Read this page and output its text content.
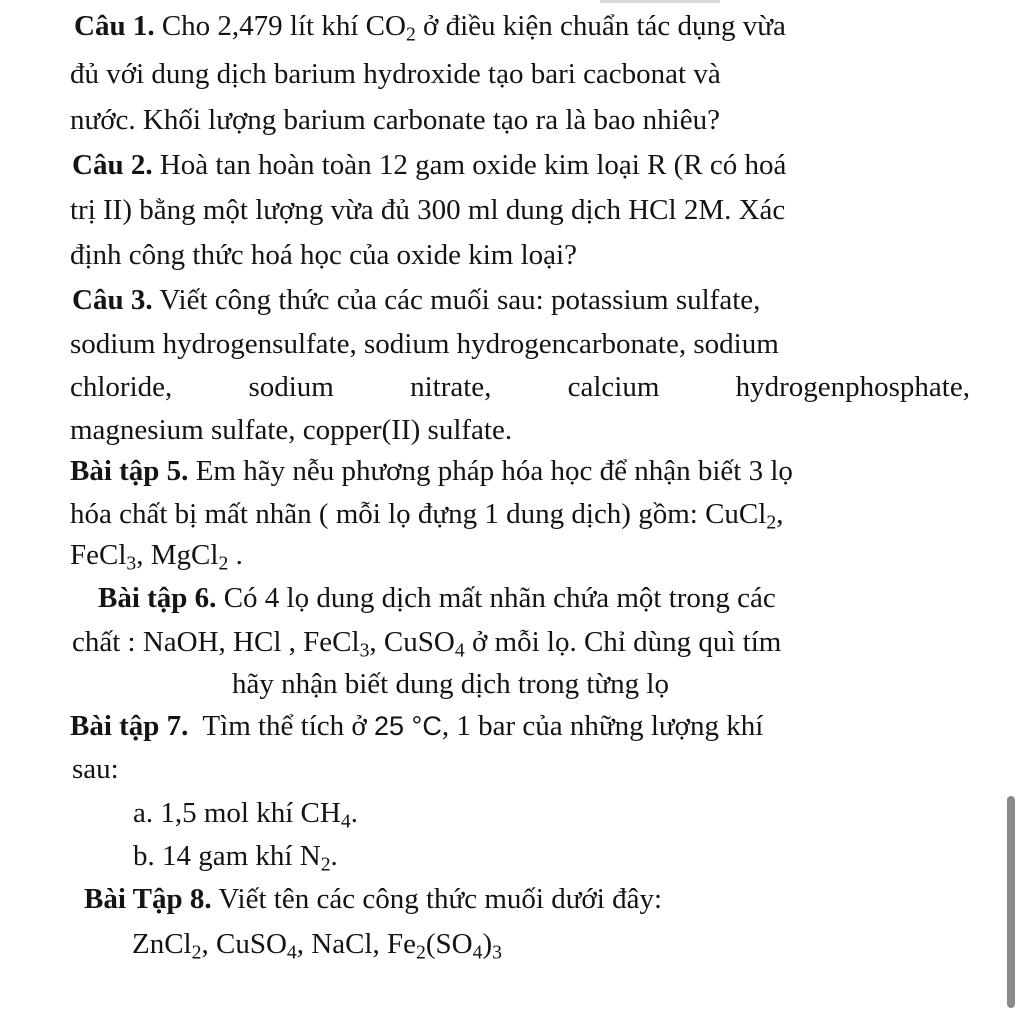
Câu 1. Cho 2,479 lít khí $CO_2$ ở điều kiện chuẩn tác dụng vừa
đủ với dung dịch barium hydroxide tạo bari cacbonat và
nước. Khối lượng barium carbonate tạo ra là bao nhiêu?
Câu 2. Hoà tan hoàn toàn 12 gam oxide kim loại R (R có hoá
trị II) bằng một lượng vừa đủ 300 ml dung dịch HCl 2M. Xác
định công thức hoá học của oxide kim loại?
Câu 3. Viết công thức của các muối sau: potassium sulfate,
sodium hydrogensulfate, sodium hydrogencarbonate, sodium
chloride,	sodium	nitrate,	calcium	hydrogenphosphate,
magnesium sulfate, copper(II) sulfate.
Bài tập 5. Em hãy nễu phương pháp hóa học để nhận biết 3 lọ
hóa chất bị mất nhãn ( mỗi lọ đựng 1 dung dịch) gồm: CuCl$_2$,
FeCl$_3$, MgCl$_2$ .
Bài tập 6. Có 4 lọ dung dịch mất nhãn chứa một trong các
chất : NaOH, HCl , FeCl$_3$, CuSO$_4$ ở mỗi lọ. Chỉ dùng quì tím
hãy nhận biết dung dịch trong từng lọ
Bài tập 7. Tìm thể tích ở 25 °C, 1 bar của những lượng khí
sau:
a. 1,5 mol khí $CH_4$.
b. 14 gam khí $N_2$.
Bài Tập 8. Viết tên các công thức muối dưới đây:
ZnCl$_2$, CuSO$_4$, NaCl, $Fe_2(SO_4)_3$
